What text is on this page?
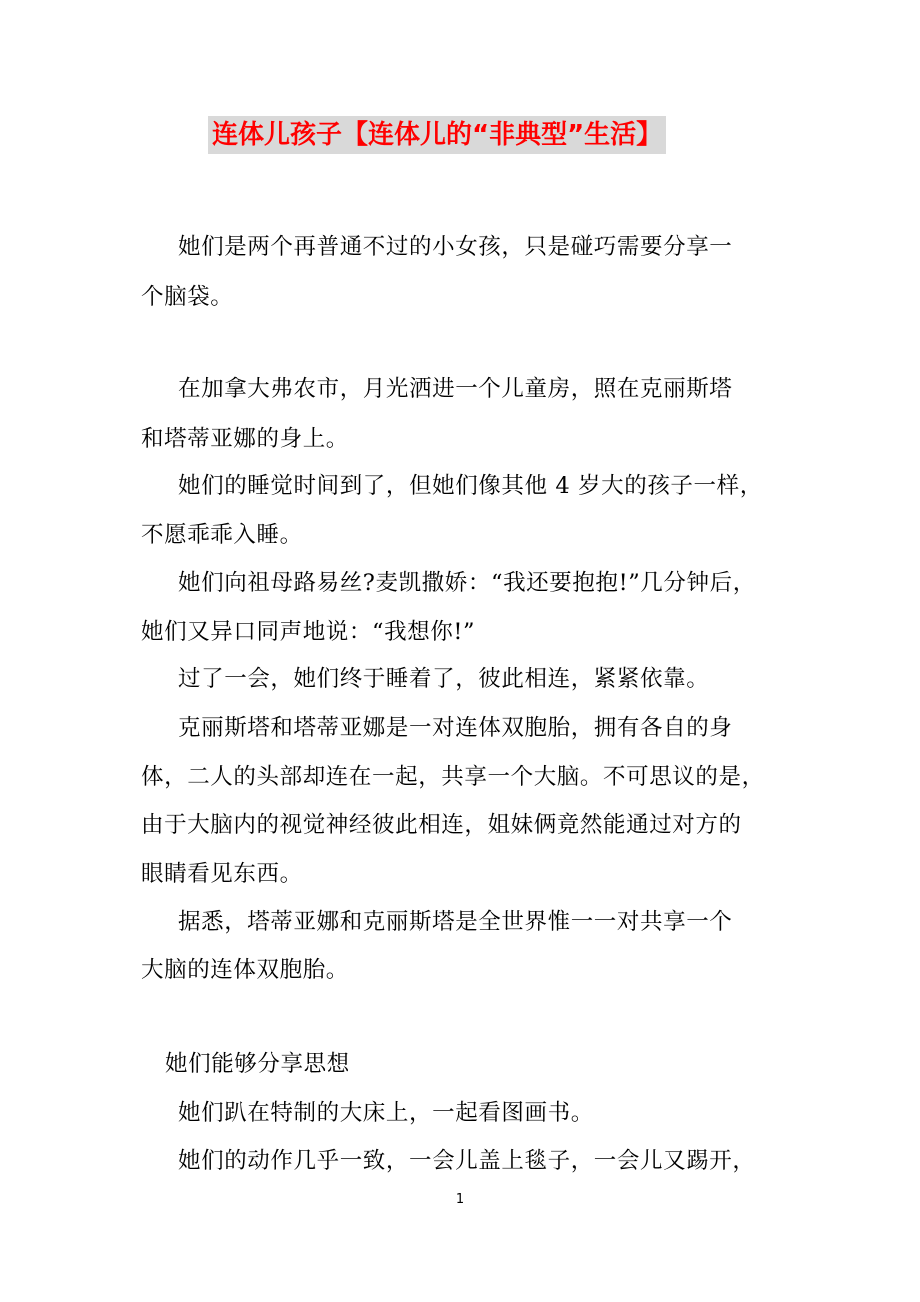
连体儿孩子【连体儿的“非典型”生活】
她们是两个再普通不过的小女孩，只是碰巧需要分享一
个脑袋。
在加拿大弗农市，月光洒进一个儿童房，照在克丽斯塔
和塔蒂亚娜的身上。
她们的睡觉时间到了，但她们像其他 4 岁大的孩子一样，
不愿乖乖入睡。
她们向祖母路易丝?麦凯撒娇：“我还要抱抱!”几分钟后，
她们又异口同声地说：“我想你!”
过了一会，她们终于睡着了，彼此相连，紧紧依靠。
克丽斯塔和塔蒂亚娜是一对连体双胞胎，拥有各自的身
体，二人的头部却连在一起，共享一个大脑。不可思议的是，
由于大脑内的视觉神经彼此相连，姐妹俩竟然能通过对方的
眼睛看见东西。
据悉，塔蒂亚娜和克丽斯塔是全世界惟一一对共享一个
大脑的连体双胞胎。
她们能够分享思想
她们趴在特制的大床上，一起看图画书。
她们的动作几乎一致，一会儿盖上毯子，一会儿又踢开，
1
